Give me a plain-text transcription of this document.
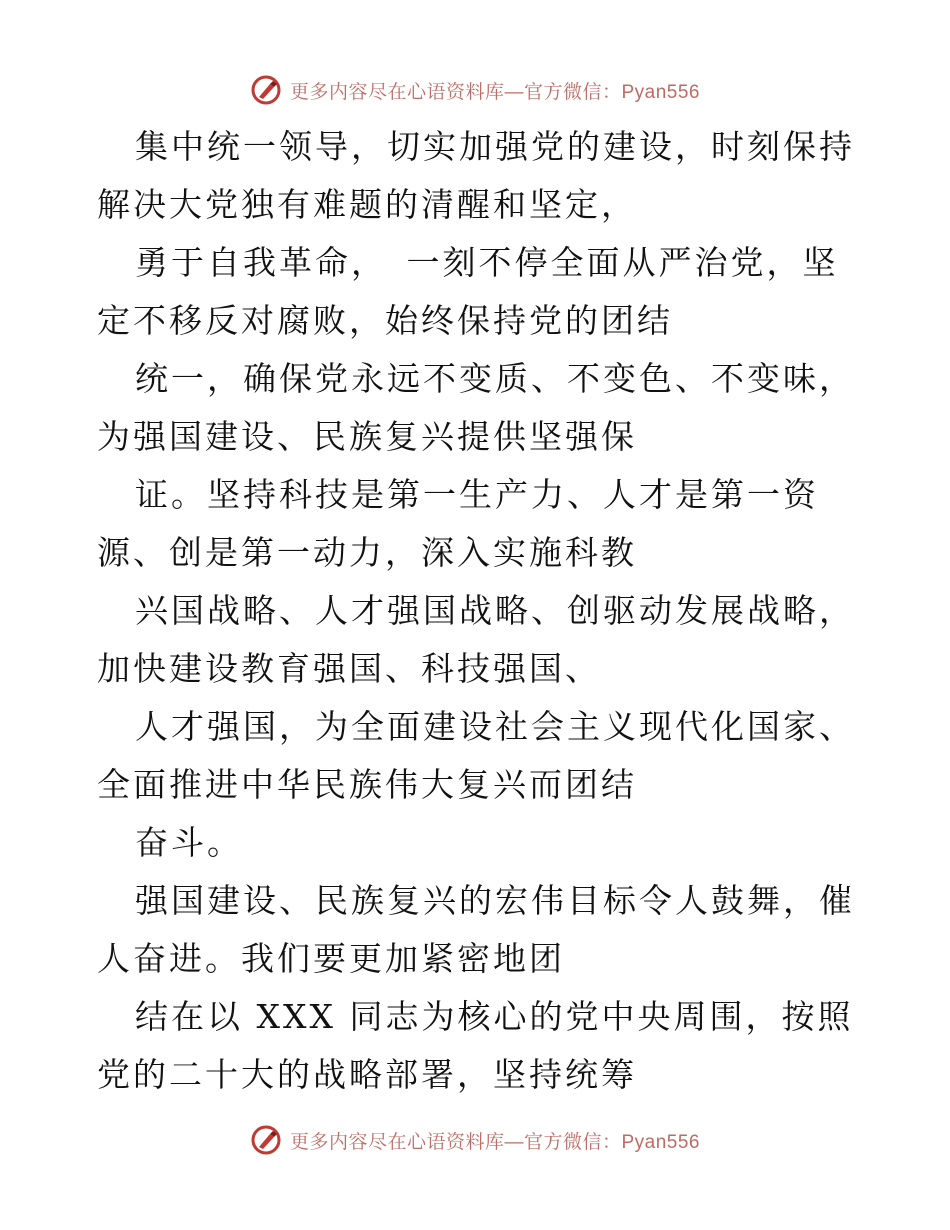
更多内容尽在心语资料库—官方微信：Pyan556

集中统一领导，切实加强党的建设，时刻保持解决大党独有难题的清醒和坚定，

勇于自我革命，　一刻不停全面从严治党，坚定不移反对腐败，始终保持党的团结

统一，确保党永远不变质、不变色、不变味，为强国建设、民族复兴提供坚强保

证。坚持科技是第一生产力、人才是第一资源、创是第一动力，深入实施科教

兴国战略、人才强国战略、创驱动发展战略，加快建设教育强国、科技强国、

人才强国，为全面建设社会主义现代化国家、全面推进中华民族伟大复兴而团结

奋斗。

强国建设、民族复兴的宏伟目标令人鼓舞，催人奋进。我们要更加紧密地团

结在以 XXX 同志为核心的党中央周围，按照党的二十大的战略部署，坚持统筹

更多内容尽在心语资料库—官方微信：Pyan556
